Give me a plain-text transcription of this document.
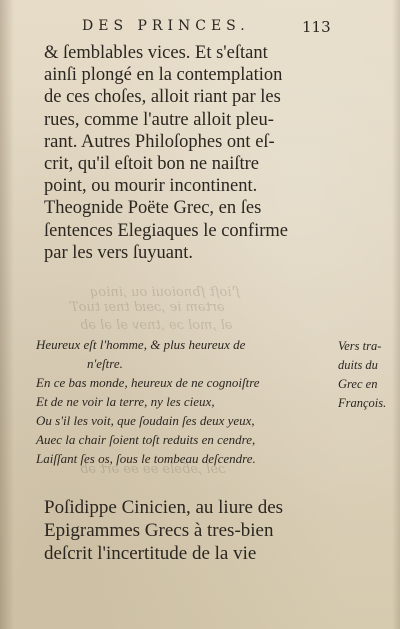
ſ'ioſt ſbnoioui ou ,inioq
ərtəm ie ,ɔɘɪd tnɘɪ tuoT
əl ,mol ɔɘ ,tnɘv ɘl əl əb
ɔɘl ,ɘɓɘlɘ ɘɘ ɘɘ ərt əb
DES PRINCES.	113
& ſemblables vices. Et s'eſtant
ainſi plongé en la contemplation
de ces choſes, alloit riant par les
rues, comme l'autre alloit pleu-
rant. Autres Philoſophes ont eſ-
crit, qu'il eſtoit bon ne naiſtre
point, ou mourir incontinent.
Theognide Poëte Grec, en ſes
ſentences Elegiaques le confirme
par les vers ſuyuant.
Heureux eſt l'homme, & plus heureux de
n'eſtre.
En ce bas monde, heureux de ne cognoiſtre
Et de ne voir la terre, ny les cieux,
Ou s'il les voit, que ſoudain ſes deux yeux,
Auec la chair ſoient toſt reduits en cendre,
Laiſſant ſes os, ſous le tombeau deſcendre.
Vers tra-
duits du
Grec en
François.
Poſidippe Cinicien, au liure des
Epigrammes Grecs à tres-bien
deſcrit l'incertitude de la vie
